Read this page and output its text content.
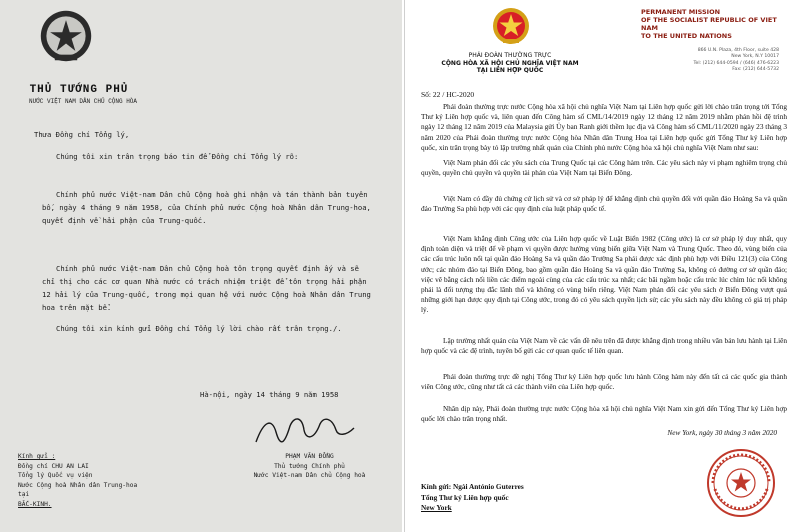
THỦ TƯỚNG PHỦ
NƯỚC VIỆT NAM DÂN CHỦ CỘNG HÒA
Thưa Đồng chí Tổng lý,
Chúng tôi xin trân trọng báo tin để Đồng chí Tổng lý rõ:
Chính phủ nước Việt-nam Dân chủ Cộng hoà ghi nhận và tán thành bản tuyên bố, ngày 4 tháng 9 năm 1958, của Chính phủ nước Cộng hoà Nhân dân Trung-hoa, quyết định về hải phận của Trung-quốc.
Chính phủ nước Việt-nam Dân chủ Cộng hoà tôn trọng quyết định ấy và sẽ chỉ thị cho các cơ quan Nhà nước có trách nhiệm triệt để tôn trọng hải phận 12 hải lý của Trung-quốc, trong mọi quan hệ với nước Cộng hoà Nhân dân Trung hoa trên mặt bể.
Chúng tôi xin kính gửi Đồng chí Tổng lý lời chào rất trân trọng./.
Hà-nội, ngày 14 tháng 9 năm 1958
Kính gửi :
Đồng chí CHU AN LAI
Tổng lý Quốc vụ viện
Nước Cộng hoà Nhân dân Trung-hoa
tại
BẮC-KINH.
PHẠM VĂN ĐỒNG
Thủ tướng Chính phủ
Nước Việt-nam Dân chủ Cộng hoà
PHÁI ĐOÀN THƯỜNG TRỰC
CỘNG HÒA XÃ HỘI CHỦ NGHĨA VIỆT NAM
TẠI LIÊN HỢP QUỐC
PERMANENT MISSION
OF THE SOCIALIST REPUBLIC OF VIET NAM
TO THE UNITED NATIONS
866 U.N. Plaza, 4th Floor, suite 428
New York, N.Y 10017
Tel: (212) 644-0594 / (646) 476-6223
Fax: (212) 644-5732
Số: 22 / HC-2020

Phái đoàn thường trực nước Cộng hòa xã hội chủ nghĩa Việt Nam tại Liên hợp quốc gửi lời chào trân trọng tới Tổng Thư ký Liên hợp quốc và, liên quan đến Công hàm số CML/14/2019 ngày 12 tháng 12 năm 2019 nhằm phản hồi đệ trình ngày 12 tháng 12 năm 2019 của Malaysia gửi Ủy ban Ranh giới thềm lục địa và Công hàm số CML/11/2020 ngày 23 tháng 3 năm 2020 của Phái đoàn thường trực nước Cộng hòa Nhân dân Trung Hoa tại Liên hợp quốc gửi Tổng Thư ký Liên hợp quốc, xin trân trọng bày tỏ lập trường nhất quán của Chính phủ nước Cộng hòa xã hội chủ nghĩa Việt Nam như sau:

Việt Nam phản đối các yêu sách của Trung Quốc tại các Công hàm trên. Các yêu sách này vi phạm nghiêm trọng chủ quyền, quyền chủ quyền và quyền tài phán của Việt Nam tại Biển Đông.

Việt Nam có đầy đủ chứng cứ lịch sử và cơ sở pháp lý để khẳng định chủ quyền đối với quần đảo Hoàng Sa và quần đảo Trường Sa phù hợp với các quy định của luật pháp quốc tế.

Việt Nam khẳng định Công ước của Liên hợp quốc về Luật Biển 1982 (Công ước) là cơ sở pháp lý duy nhất, quy định toàn diện và triệt để về phạm vi quyền được hưởng vùng biển giữa Việt Nam và Trung Quốc. Theo đó, vùng biển của các cấu trúc luôn nổi tại quần đảo Hoàng Sa và quần đảo Trường Sa phải được xác định phù hợp với Điều 121(3) của Công ước; các nhóm đảo tại Biển Đông, bao gồm quần đảo Hoàng Sa và quần đảo Trường Sa, không có đường cơ sở quần đảo; việc vẽ bằng cách nối liền các điểm ngoài cùng của các cấu trúc xa nhất; các bãi ngầm hoặc cấu trúc lúc chìm lúc nổi không phải là đối tượng thụ đắc lãnh thổ và không có vùng biển riêng. Việt Nam phản đối các yêu sách ở Biển Đông vượt quá những giới hạn được quy định tại Công ước, trong đó có yêu sách quyền lịch sử; các yêu sách này đều không có giá trị pháp lý.

Lập trường nhất quán của Việt Nam về các vấn đề nêu trên đã được khẳng định trong nhiều văn bản lưu hành tại Liên hợp quốc và các đệ trình, tuyên bố gửi các cơ quan quốc tế liên quan.

Phái đoàn thường trực đề nghị Tổng Thư ký Liên hợp quốc lưu hành Công hàm này đến tất cả các quốc gia thành viên Công ước, cũng như tất cả các thành viên của Liên hợp quốc.

Nhân dịp này, Phái đoàn thường trực nước Cộng hòa xã hội chủ nghĩa Việt Nam xin gửi đến Tổng Thư ký Liên hợp quốc lời chào trân trọng nhất.

New York, ngày 30 tháng 3 năm 2020
Kính gửi: Ngài António Guterres
Tổng Thư ký Liên hợp quốc
New York
